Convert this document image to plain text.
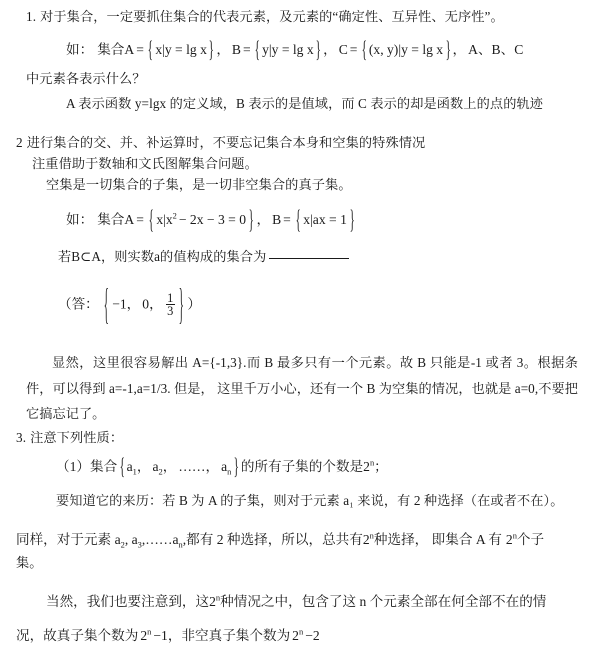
1. 对于集合，一定要抓住集合的代表元素，及元素的“确定性、互异性、无序性”。
如： 集合A = { x|y = lg x } ， B = { y|y = lg x } ， C = { (x, y)|y = lg x } ， A、B、C
中元素各表示什么？
A 表示函数 y=lgx 的定义域，B 表示的是值域，而 C 表示的却是函数上的点的轨迹
2 进行集合的交、并、补运算时，不要忘记集合本身和空集的特殊情况
注重借助于数轴和文氏图解集合问题。
空集是一切集合的子集，是一切非空集合的真子集。
如： 集合A = { $x|x^2 - 2x - 3 = 0$ } ， B = { x|ax = 1 }
若B⊂A，则实数a的值构成的集合为
（答： { −1， 0， $\frac{1}{3}$ } ）
显然，这里很容易解出 A={-1,3}.而 B 最多只有一个元素。故 B 只能是-1 或者 3。根据条件，可以得到 a=-1,a=1/3. 但是， 这里千万小心，还有一个 B 为空集的情况，也就是 a=0,不要把它搞忘记了。
3. 注意下列性质：
（1）集合 { $a_1$， $a_2$， ……， $a_n$ } 的所有子集的个数是2$^n$；
要知道它的来历：若 B 为 A 的子集，则对于元素 a₁ 来说，有 2 种选择（在或者不在）。
同样，对于元素 $a_2$, $a_3,\dots\dots a_n$,都有 2 种选择，所以，总共有2$^n$种选择， 即集合 A 有 2$^n$个子
集。
当然，我们也要注意到，这2$^n$种情况之中，包含了这 n 个元素全部在何全部不在的情
况，故真子集个数为 $2^n -1$，非空真子集个数为 $2^n -2$
